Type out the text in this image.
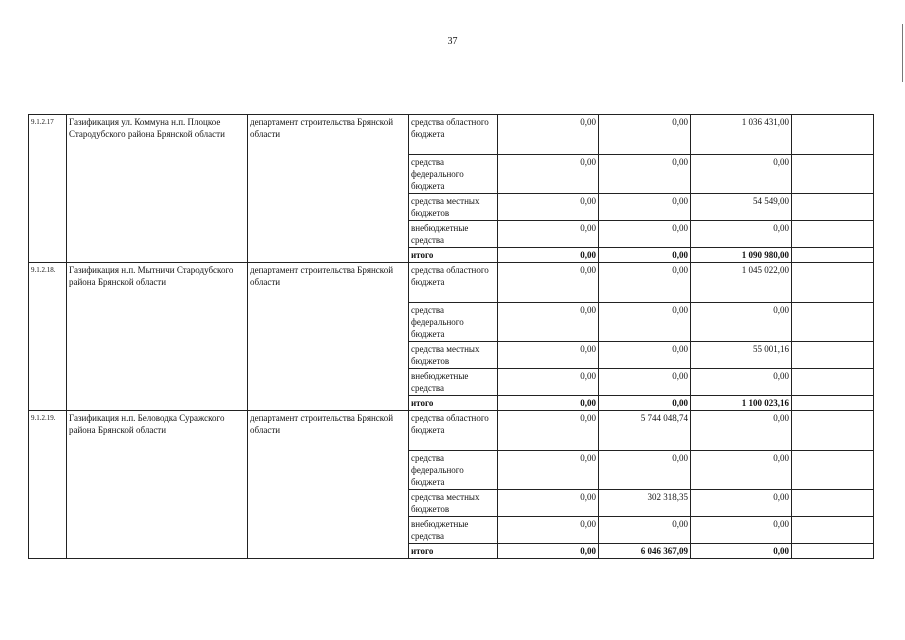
37
9.1.2.17	Газификация ул. Коммуна н.п. Плоцкое Стародубского района Брянской области	департамент строительства Брянской области	средства областного бюджета	0,00	0,00	1 036 431,00	
			средства федерального бюджета	0,00	0,00	0,00	
			средства местных бюджетов	0,00	0,00	54 549,00	
			внебюджетные средства	0,00	0,00	0,00	
			итого	0,00	0,00	1 090 980,00	
9.1.2.18.	Газификация н.п. Мытничи Стародубского района Брянской области	департамент строительства Брянской области	средства областного бюджета	0,00	0,00	1 045 022,00	
			средства федерального бюджета	0,00	0,00	0,00	
			средства местных бюджетов	0,00	0,00	55 001,16	
			внебюджетные средства	0,00	0,00	0,00	
			итого	0,00	0,00	1 100 023,16	
9.1.2.19.	Газификация н.п. Беловодка Суражского района Брянской области	департамент строительства Брянской области	средства областного бюджета	0,00	5 744 048,74	0,00	
			средства федерального бюджета	0,00	0,00	0,00	
			средства местных бюджетов	0,00	302 318,35	0,00	
			внебюджетные средства	0,00	0,00	0,00	
			итого	0,00	6 046 367,09	0,00	
